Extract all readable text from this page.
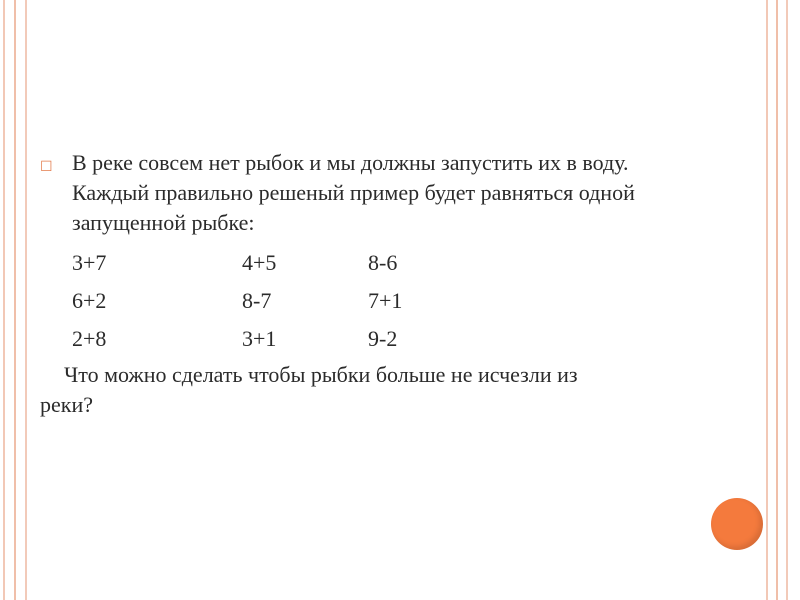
☐ В реке совсем нет рыбок и мы должны запустить их в воду. Каждый правильно решеный пример будет равняться одной запущенной рыбке:
3+7	4+5	8-6
6+2	8-7	7+1
2+8	3+1	9-2
Что можно сделать чтобы рыбки больше не исчезли из реки?
